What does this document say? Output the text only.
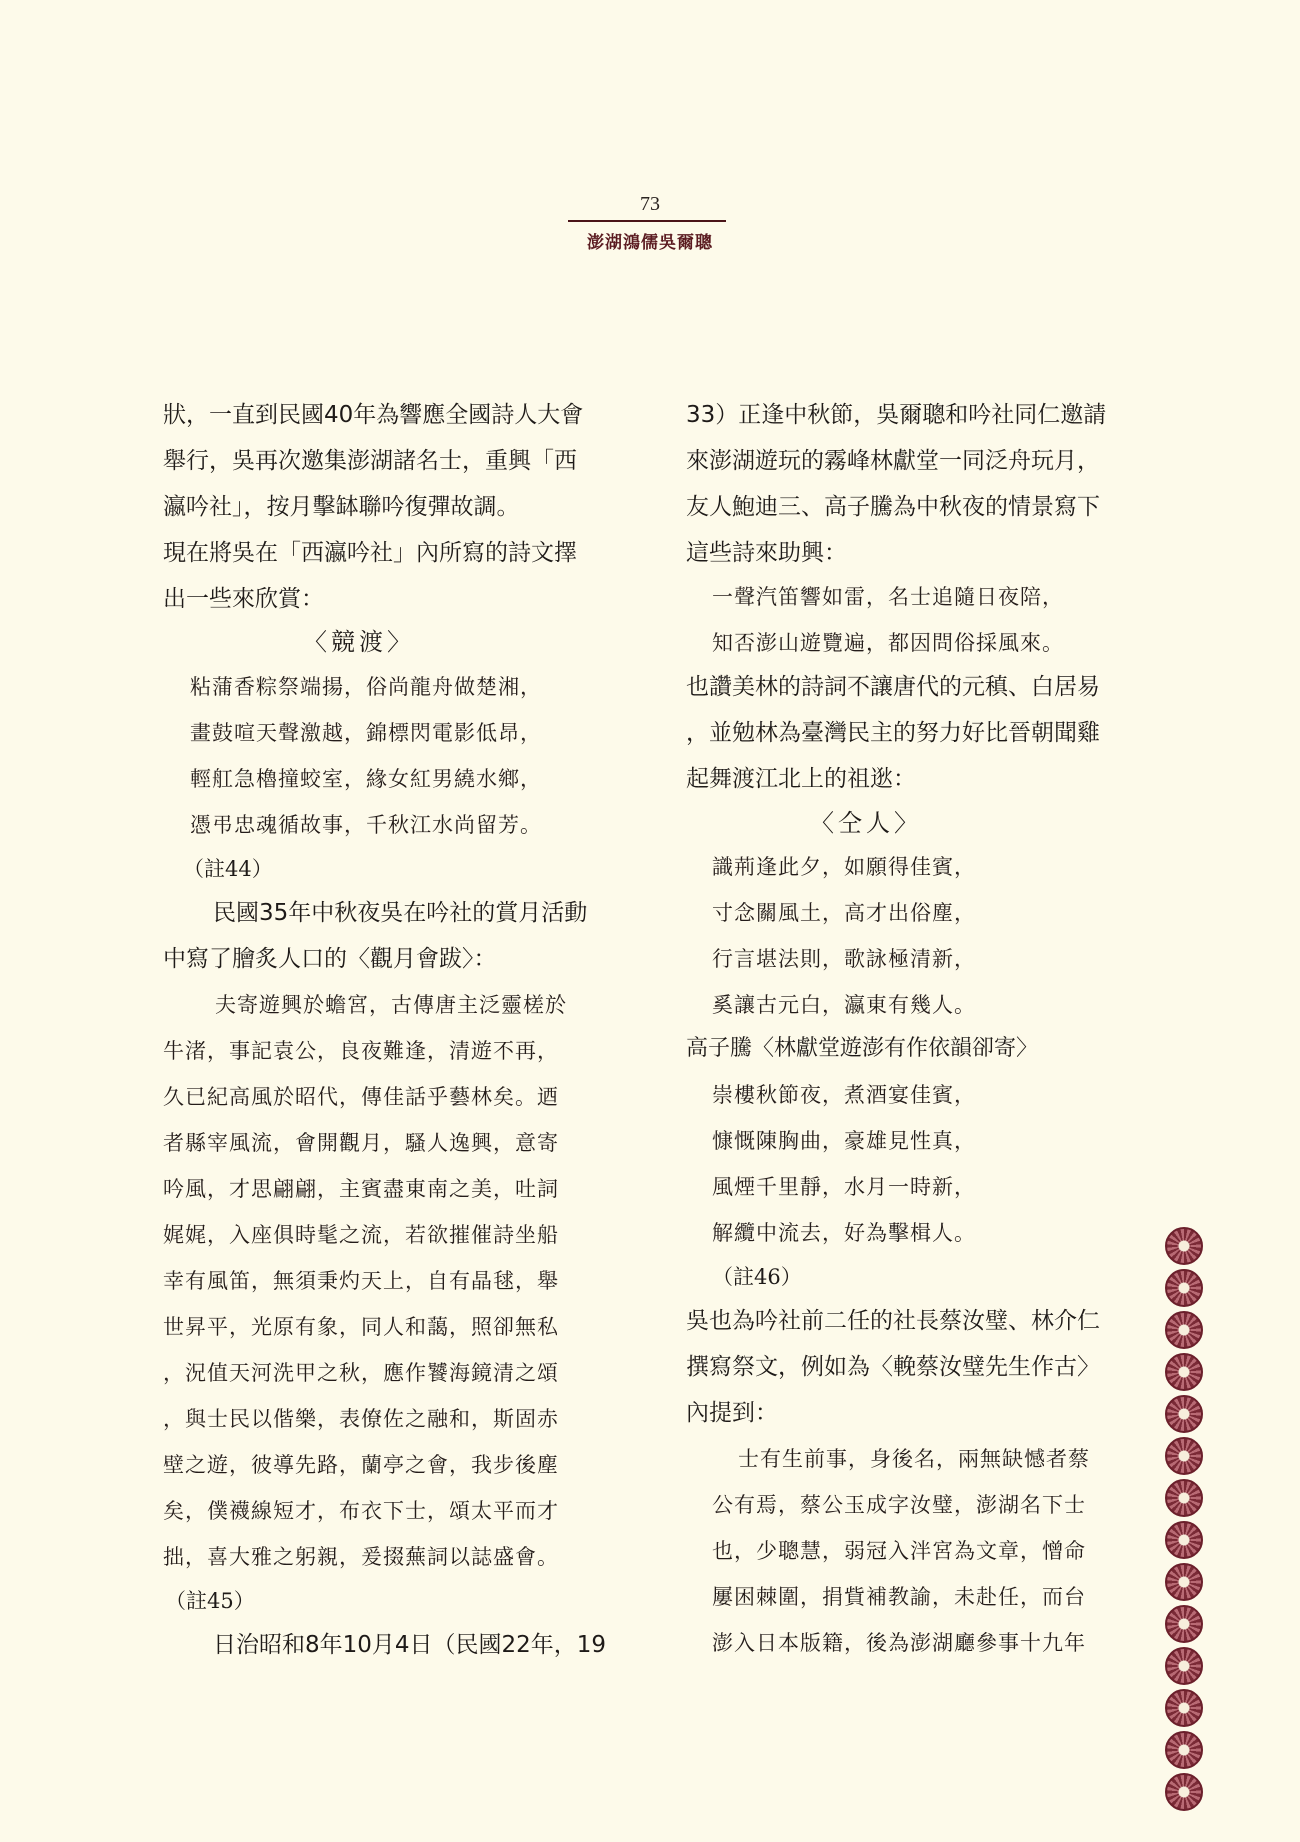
73
澎湖鴻儒吳爾聰
狀，一直到民國40年為響應全國詩人大會
舉行，吳再次邀集澎湖諸名士，重興「西
瀛吟社」，按月擊缽聯吟復彈故調。
現在將吳在「西瀛吟社」內所寫的詩文擇
出一些來欣賞：
〈競渡〉
粘蒲香粽祭端揚，俗尚龍舟做楚湘，
畫鼓喧天聲激越，錦標閃電影低昂，
輕舡急櫓撞蛟室，緣女紅男繞水鄉，
憑弔忠魂循故事，千秋江水尚留芳。
（註44）
民國35年中秋夜吳在吟社的賞月活動
中寫了膾炙人口的〈觀月會跋〉：
夫寄遊興於蟾宮，古傳唐主泛靈槎於
牛渚，事記袁公，良夜難逢，清遊不再，
久已紀高風於昭代，傳佳話乎藝林矣。迺
者縣宰風流，會開觀月，騷人逸興，意寄
吟風，才思翩翩，主賓盡東南之美，吐詞
娓娓，入座俱時髦之流，若欲摧催詩坐船
幸有風笛，無須秉灼天上，自有晶毬，舉
世昇平，光原有象，同人和藹，照卻無私
，況值天河洗甲之秋，應作饕海鏡清之頌
，與士民以偕樂，表僚佐之融和，斯固赤
壁之遊，彼導先路，蘭亭之會，我步後塵
矣，僕襪線短才，布衣下士，頌太平而才
拙，喜大雅之躬親，爰掇蕪詞以誌盛會。
（註45）
日治昭和8年10月4日（民國22年，19
33）正逢中秋節，吳爾聰和吟社同仁邀請
來澎湖遊玩的霧峰林獻堂一同泛舟玩月，
友人鮑迪三、高子騰為中秋夜的情景寫下
這些詩來助興：
一聲汽笛響如雷，名士追隨日夜陪，
知否澎山遊覽遍，都因問俗採風來。
也讚美林的詩詞不讓唐代的元稹、白居易
，並勉林為臺灣民主的努力好比晉朝聞雞
起舞渡江北上的祖逖：
〈仝人〉
識荊逢此夕，如願得佳賓，
寸念關風土，高才出俗塵，
行言堪法則，歌詠極清新，
奚讓古元白，瀛東有幾人。
高子騰〈林獻堂遊澎有作依韻卻寄〉
崇樓秋節夜，煮酒宴佳賓，
慷慨陳胸曲，豪雄見性真，
風煙千里靜，水月一時新，
解纜中流去，好為擊楫人。
（註46）
吳也為吟社前二任的社長蔡汝璧、林介仁
撰寫祭文，例如為〈輓蔡汝璧先生作古〉
內提到：
士有生前事，身後名，兩無缺憾者蔡
公有焉，蔡公玉成字汝璧，澎湖名下士
也，少聰慧，弱冠入泮宮為文章，憎命
屢困棘圍，捐貲補教諭，未赴任，而台
澎入日本版籍，後為澎湖廳參事十九年
